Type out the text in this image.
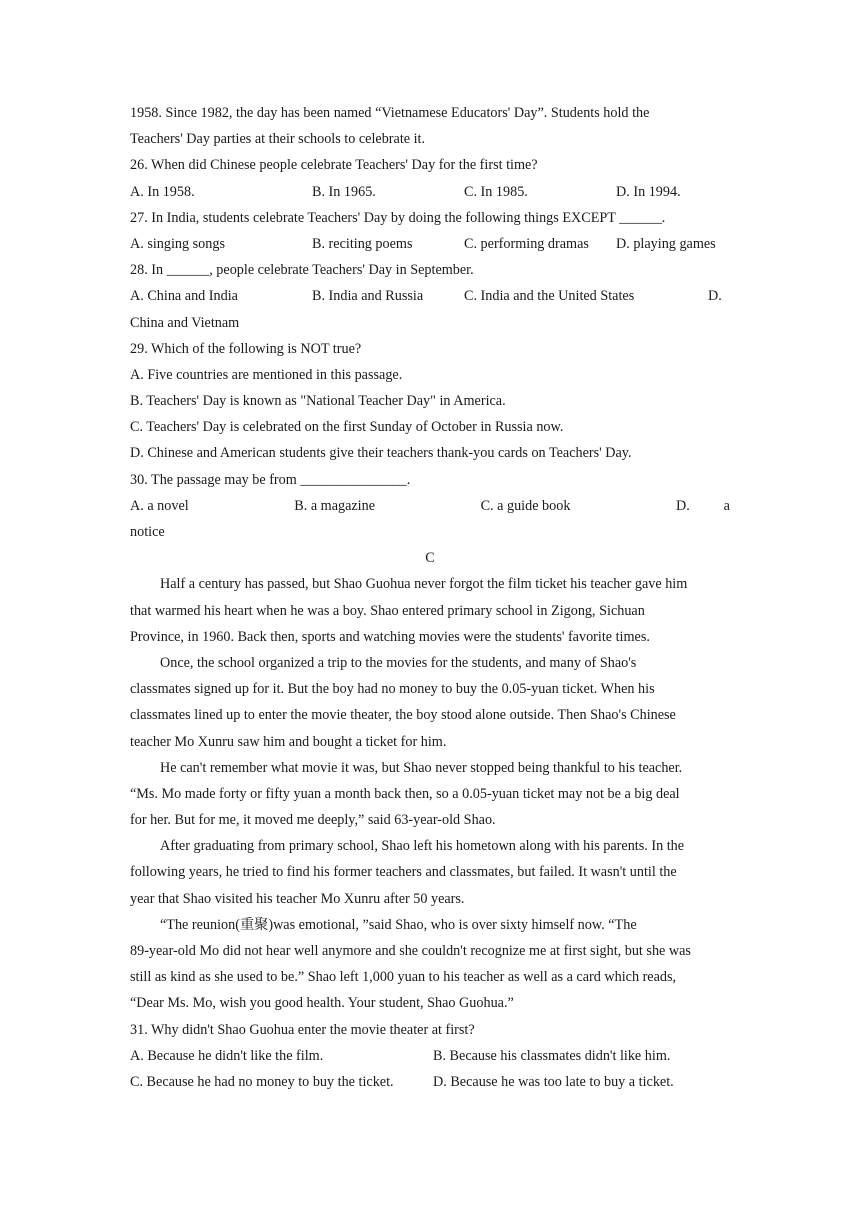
1958. Since 1982, the day has been named “Vietnamese Educators' Day”. Students hold the
Teachers' Day parties at their schools to celebrate it.
26. When did Chinese people celebrate Teachers' Day for the first time?
A. In 1958.	B. In 1965.	C. In 1985.	D. In 1994.
27. In India, students celebrate Teachers' Day by doing the following things EXCEPT ______.
A. singing songs	B. reciting poems	C. performing dramas	D. playing games
28. In ______, people celebrate Teachers' Day in September.
A. China and India	B. India and Russia	C. India and the United States	D.
China and Vietnam
29. Which of the following is NOT true?
A. Five countries are mentioned in this passage.
B. Teachers' Day is known as "National Teacher Day" in America.
C. Teachers' Day is celebrated on the first Sunday of October in Russia now.
D. Chinese and American students give their teachers thank-you cards on Teachers' Day.
30. The passage may be from _______________.
A. a novel	B. a magazine	C. a guide book	D. a
notice
C
Half a century has passed, but Shao Guohua never forgot the film ticket his teacher gave him
that warmed his heart when he was a boy. Shao entered primary school in Zigong, Sichuan
Province, in 1960. Back then, sports and watching movies were the students' favorite times.
Once, the school organized a trip to the movies for the students, and many of Shao's
classmates signed up for it. But the boy had no money to buy the 0.05-yuan ticket. When his
classmates lined up to enter the movie theater, the boy stood alone outside. Then Shao's Chinese
teacher Mo Xunru saw him and bought a ticket for him.
He can't remember what movie it was, but Shao never stopped being thankful to his teacher.
“Ms. Mo made forty or fifty yuan a month back then, so a 0.05-yuan ticket may not be a big deal
for her. But for me, it moved me deeply,” said 63-year-old Shao.
After graduating from primary school, Shao left his hometown along with his parents. In the
following years, he tried to find his former teachers and classmates, but failed. It wasn't until the
year that Shao visited his teacher Mo Xunru after 50 years.
“The reunion(重聚)was emotional, ”said Shao, who is over sixty himself now. “The
89-year-old Mo did not hear well anymore and she couldn't recognize me at first sight, but she was
still as kind as she used to be.” Shao left 1,000 yuan to his teacher as well as a card which reads,
“Dear Ms. Mo, wish you good health. Your student, Shao Guohua.”
31. Why didn't Shao Guohua enter the movie theater at first?
A. Because he didn't like the film.	B. Because his classmates didn't like him.
C. Because he had no money to buy the ticket.	D. Because he was too late to buy a ticket.
